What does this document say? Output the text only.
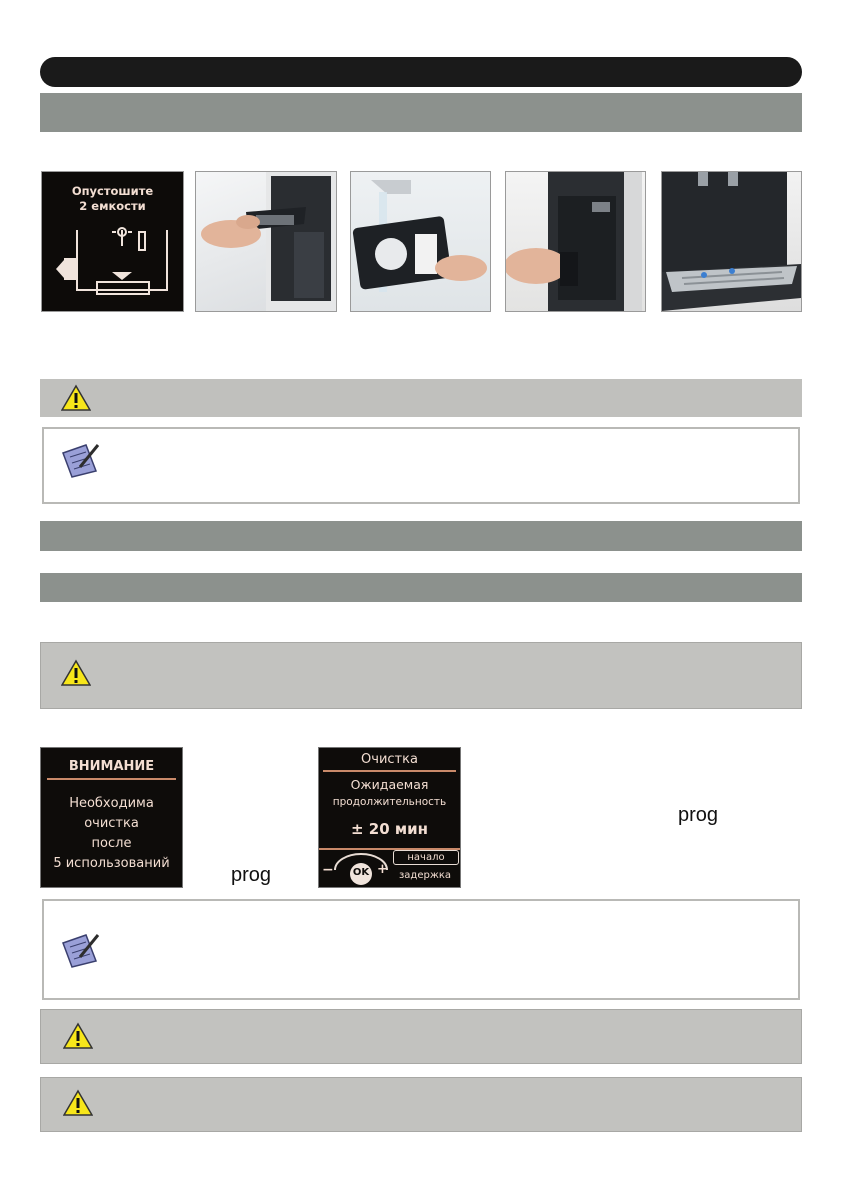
Опустошите
2 емкости
ВНИМАНИЕ
Необходима
очистка
после
5 использований
prog
Очистка
Ожидаемая
продолжительность
± 20 мин
OK
−	+
начало
задержка
prog
